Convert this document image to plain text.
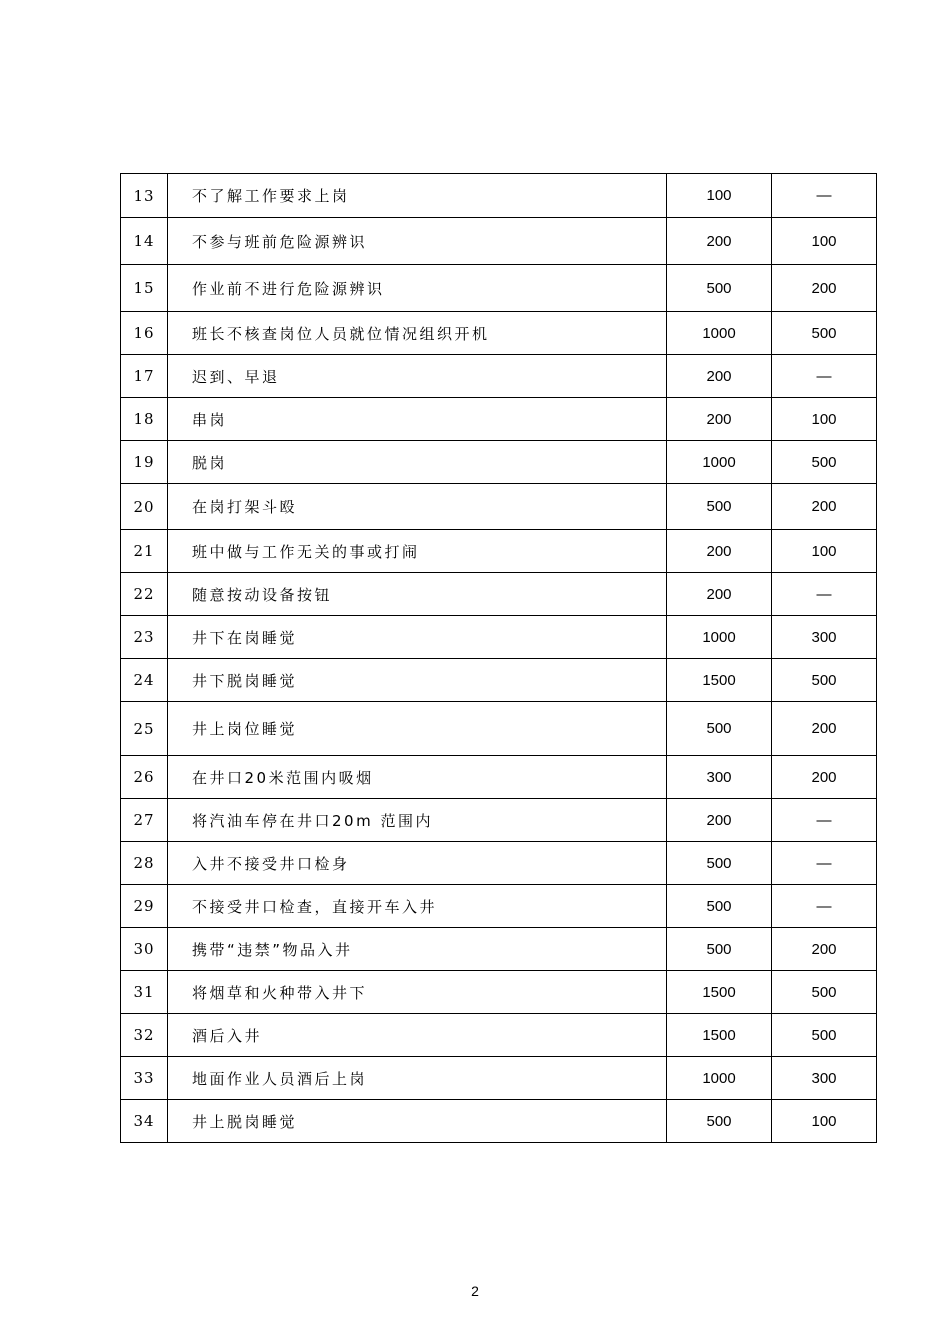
13	不了解工作要求上岗	100	—
14	不参与班前危险源辨识	200	100
15	作业前不进行危险源辨识	500	200
16	班长不核查岗位人员就位情况组织开机	1000	500
17	迟到、早退	200	—
18	串岗	200	100
19	脱岗	1000	500
20	在岗打架斗殴	500	200
21	班中做与工作无关的事或打闹	200	100
22	随意按动设备按钮	200	—
23	井下在岗睡觉	1000	300
24	井下脱岗睡觉	1500	500
25	井上岗位睡觉	500	200
26	在井口20米范围内吸烟	300	200
27	将汽油车停在井口20m 范围内	200	—
28	入井不接受井口检身	500	—
29	不接受井口检查，直接开车入井	500	—
30	携带“违禁”物品入井	500	200
31	将烟草和火种带入井下	1500	500
32	酒后入井	1500	500
33	地面作业人员酒后上岗	1000	300
34	井上脱岗睡觉	500	100
2
